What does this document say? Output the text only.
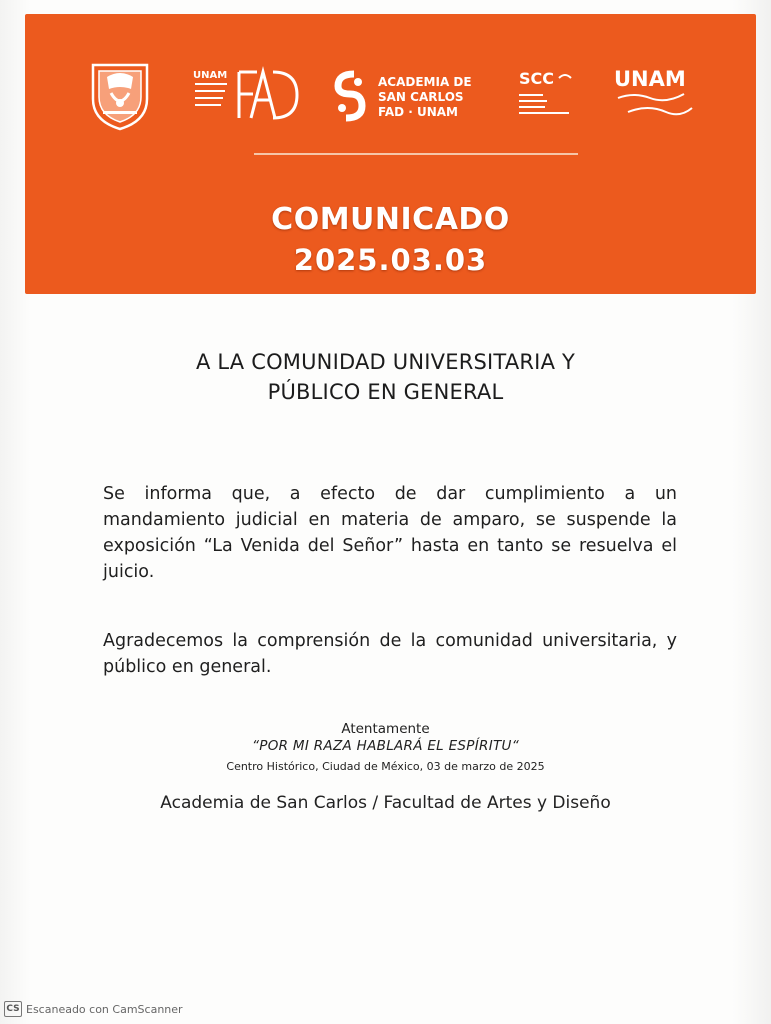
UNAM	ACADEMIA DE
SAN CARLOS
FAD · UNAM
SCC	UNAM
COMUNICADO
2025.03.03
A LA COMUNIDAD UNIVERSITARIA Y
PÚBLICO EN GENERAL
Se informa que, a efecto de dar cumplimiento a un mandamiento judicial en materia de amparo, se suspende la exposición “La Venida del Señor” hasta en tanto se resuelva el juicio.
Agradecemos la comprensión de la comunidad universitaria, y público en general.
Atentamente
“POR MI RAZA HABLARÁ EL ESPÍRITU“
Centro Histórico, Ciudad de México, 03 de marzo de 2025
Academia de San Carlos / Facultad de Artes y Diseño
CS Escaneado con CamScanner
